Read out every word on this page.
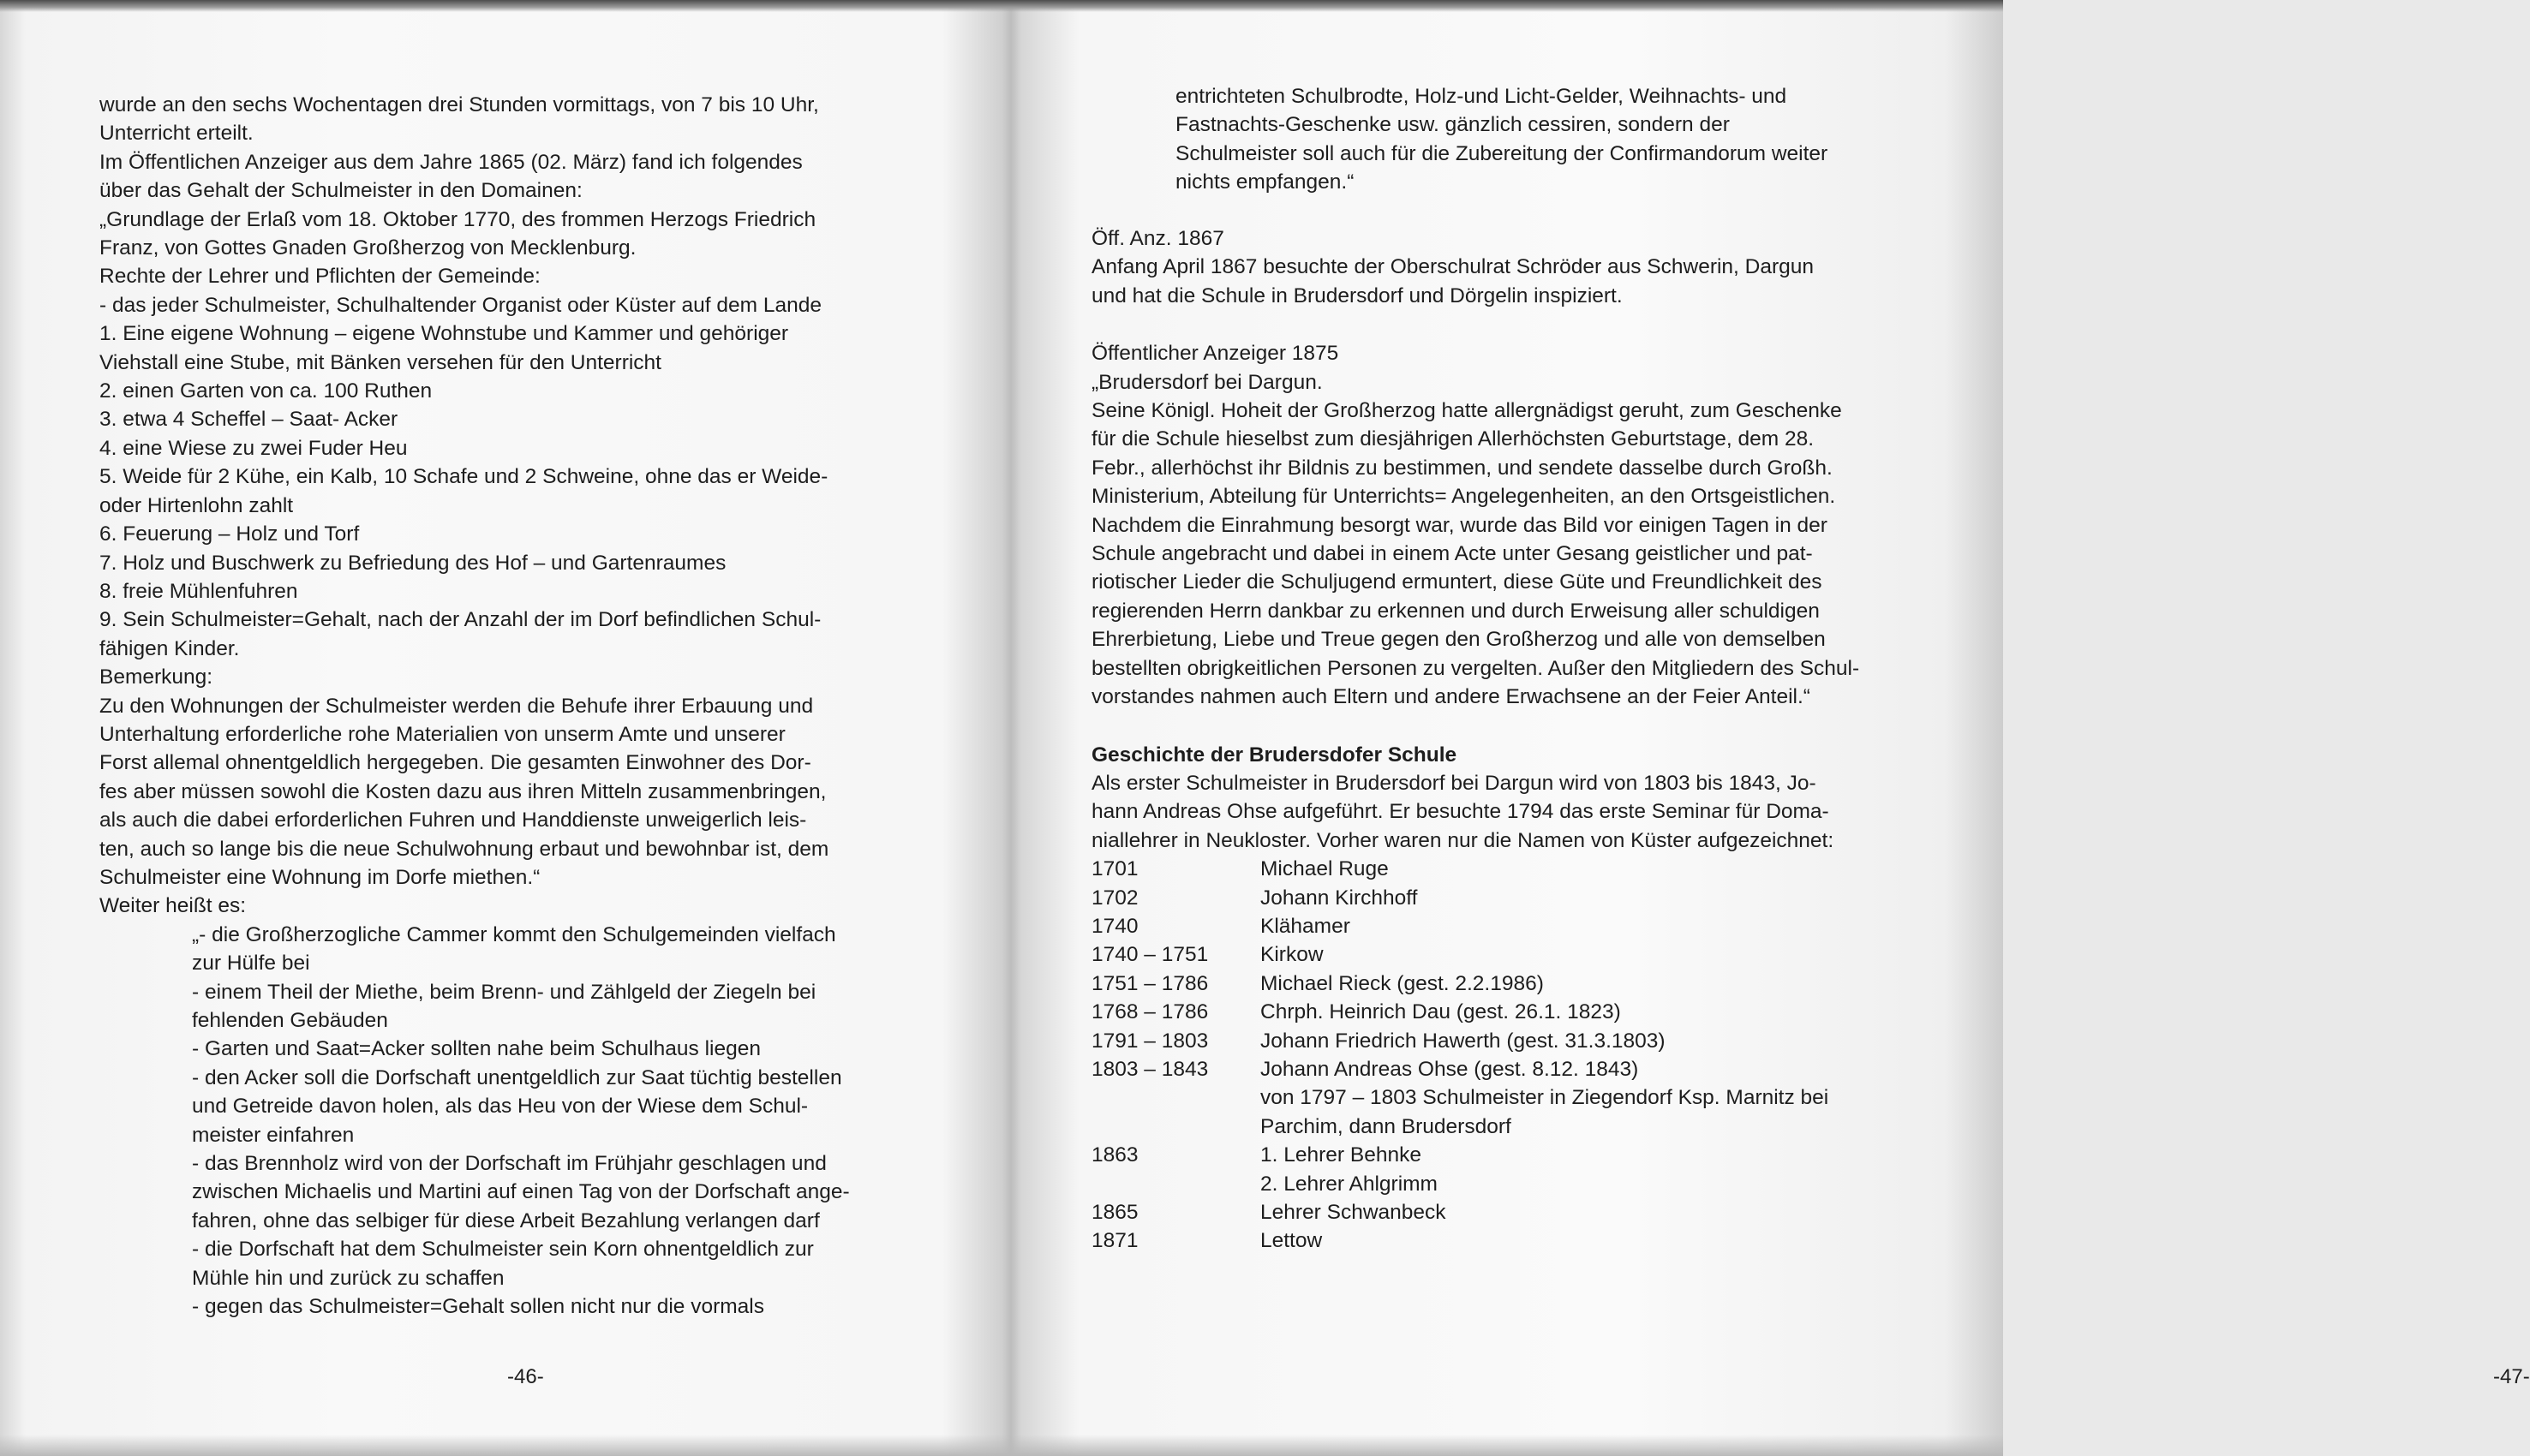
wurde an den sechs Wochentagen drei Stunden vormittags, von 7 bis 10 Uhr,

Unterricht erteilt.

Im Öffentlichen Anzeiger aus dem Jahre 1865 (02. März) fand ich folgendes

über das Gehalt der Schulmeister in den Domainen:

„Grundlage der Erlaß vom 18. Oktober 1770, des frommen Herzogs Friedrich

Franz, von Gottes Gnaden Großherzog von Mecklenburg.

Rechte der Lehrer und Pflichten der Gemeinde:

- das jeder Schulmeister, Schulhaltender Organist oder Küster auf dem Lande

1. Eine eigene Wohnung – eigene Wohnstube und Kammer und gehöriger

Viehstall eine Stube, mit Bänken versehen für den Unterricht

2. einen Garten von ca. 100 Ruthen

3. etwa 4 Scheffel – Saat- Acker

4. eine Wiese zu zwei Fuder Heu

5. Weide für 2 Kühe, ein Kalb, 10 Schafe und 2 Schweine, ohne das er Weide-

oder Hirtenlohn zahlt

6. Feuerung – Holz und Torf

7. Holz und Buschwerk zu Befriedung des Hof – und Gartenraumes

8. freie Mühlenfuhren

9. Sein Schulmeister=Gehalt, nach der Anzahl der im Dorf befindlichen Schul-

fähigen Kinder.

Bemerkung:

Zu den Wohnungen der Schulmeister werden die Behufe ihrer Erbauung und

Unterhaltung erforderliche rohe Materialien von unserm Amte und unserer

Forst allemal ohnentgeldlich hergegeben. Die gesamten Einwohner des Dor-

fes aber müssen sowohl die Kosten dazu aus ihren Mitteln zusammenbringen,

als auch die dabei erforderlichen Fuhren und Handdienste unweigerlich leis-

ten, auch so lange bis die neue Schulwohnung erbaut und bewohnbar ist, dem

Schulmeister eine Wohnung im Dorfe miethen.“

Weiter heißt es:

„- die Großherzogliche Cammer kommt den Schulgemeinden vielfach

zur Hülfe bei

- einem Theil der Miethe, beim Brenn- und Zählgeld der Ziegeln bei

fehlenden Gebäuden

- Garten und Saat=Acker sollten nahe beim Schulhaus liegen

- den Acker soll die Dorfschaft unentgeldlich zur Saat tüchtig bestellen

und Getreide davon holen, als das Heu von der Wiese dem Schul-

meister einfahren

- das Brennholz wird von der Dorfschaft im Frühjahr geschlagen und

zwischen Michaelis und Martini auf einen Tag von der Dorfschaft ange-

fahren, ohne das selbiger für diese Arbeit Bezahlung verlangen darf

- die Dorfschaft hat dem Schulmeister sein Korn ohnentgeldlich zur

Mühle hin und zurück zu schaffen

- gegen das Schulmeister=Gehalt sollen nicht nur die vormals

-46-

entrichteten Schulbrodte, Holz-und Licht-Gelder, Weihnachts- und

Fastnachts-Geschenke usw. gänzlich cessiren, sondern der

Schulmeister soll auch für die Zubereitung der Confirmandorum weiter

nichts empfangen.“

Öff. Anz. 1867

Anfang April 1867 besuchte der Oberschulrat Schröder aus Schwerin, Dargun

und hat die Schule in Brudersdorf und Dörgelin inspiziert.

Öffentlicher Anzeiger 1875

„Brudersdorf bei Dargun.

Seine Königl. Hoheit der Großherzog hatte allergnädigst geruht, zum Geschenke

für die Schule hieselbst zum diesjährigen Allerhöchsten Geburtstage, dem 28.

Febr., allerhöchst ihr Bildnis zu bestimmen, und sendete dasselbe durch Großh.

Ministerium, Abteilung für Unterrichts= Angelegenheiten, an den Ortsgeistlichen.

Nachdem die Einrahmung besorgt war, wurde das Bild vor einigen Tagen in der

Schule angebracht und dabei in einem Acte unter Gesang geistlicher und pat-

riotischer Lieder die Schuljugend ermuntert, diese Güte und Freundlichkeit des

regierenden Herrn dankbar zu erkennen und durch Erweisung aller schuldigen

Ehrerbietung, Liebe und Treue gegen den Großherzog und alle von demselben

bestellten obrigkeitlichen Personen zu vergelten. Außer den Mitgliedern des Schul-

vorstandes nahmen auch Eltern und andere Erwachsene an der Feier Anteil.“

Geschichte der Brudersdofer Schule

Als erster Schulmeister in Brudersdorf bei Dargun wird von 1803 bis 1843, Jo-

hann Andreas Ohse aufgeführt. Er besuchte 1794 das erste Seminar für Doma-

niallehrer in Neukloster. Vorher waren nur die Namen von Küster aufgezeichnet:

1701	Michael Ruge
1702	Johann Kirchhoff
1740	Klähamer
1740 – 1751	Kirkow
1751 – 1786	Michael Rieck (gest. 2.2.1986)
1768 – 1786	Chrph. Heinrich Dau (gest. 26.1. 1823)
1791 – 1803	Johann Friedrich Hawerth (gest. 31.3.1803)
1803 – 1843	Johann Andreas Ohse (gest. 8.12. 1843)
von 1797 – 1803 Schulmeister in Ziegendorf Ksp. Marnitz bei
Parchim, dann Brudersdorf
1863	1. Lehrer Behnke
2. Lehrer Ahlgrimm
1865	Lehrer Schwanbeck
1871	Lettow
-47-
